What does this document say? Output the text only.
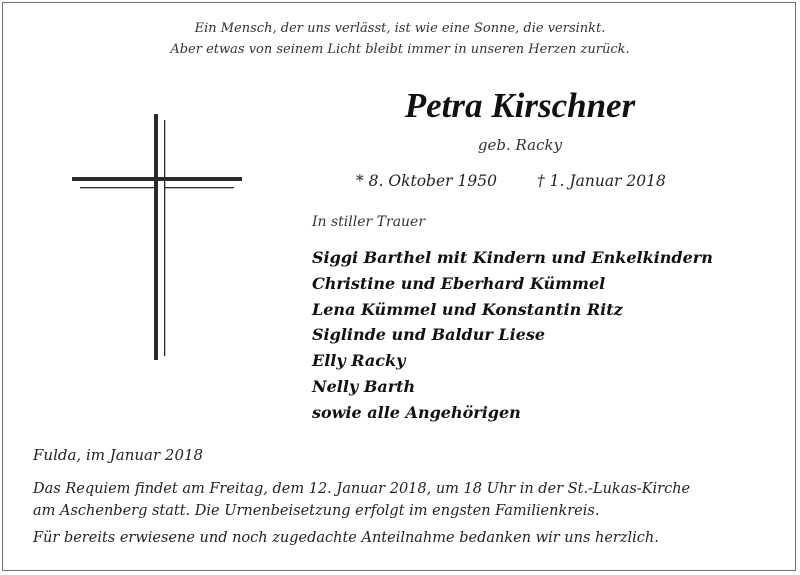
Ein Mensch, der uns verlässt, ist wie eine Sonne, die versinkt.
Aber etwas von seinem Licht bleibt immer in unseren Herzen zurück.
Petra Kirschner
geb. Racky
* 8. Oktober 1950	† 1. Januar 2018
In stiller Trauer
Siggi Barthel mit Kindern und Enkelkindern
Christine und Eberhard Kümmel
Lena Kümmel und Konstantin Ritz
Siglinde und Baldur Liese
Elly Racky
Nelly Barth
sowie alle Angehörigen
Fulda, im Januar 2018
Das Requiem findet am Freitag, dem 12. Januar 2018, um 18 Uhr in der St.-Lukas-Kirche
am Aschenberg statt. Die Urnenbeisetzung erfolgt im engsten Familienkreis.
Für bereits erwiesene und noch zugedachte Anteilnahme bedanken wir uns herzlich.
